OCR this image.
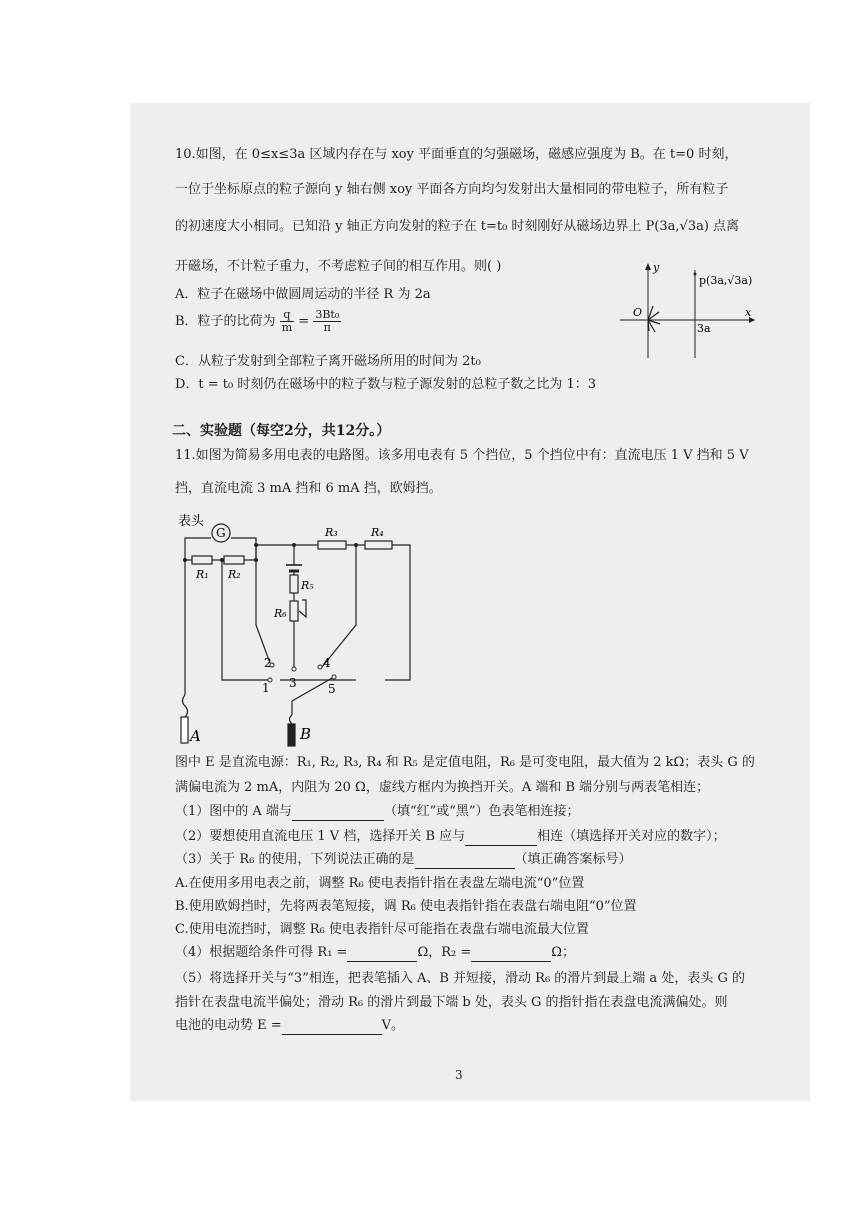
10.如图，在 0≤x≤3a 区域内存在与 xoy 平面垂直的匀强磁场，磁感应强度为 B。在 t=0 时刻，
一位于坐标原点的粒子源向 y 轴右侧 xoy 平面各方向均匀发射出大量相同的带电粒子，所有粒子
的初速度大小相同。已知沿 y 轴正方向发射的粒子在 t=t₀ 时刻刚好从磁场边界上 P(3a,√3a) 点离
开磁场，不计粒子重力，不考虑粒子间的相互作用。则( )
A．粒子在磁场中做圆周运动的半径 R 为 2a
B．粒子的比荷为 $\frac{q}{m} = \frac{\text{3Bt₀}}{\pi}$
C．从粒子发射到全部粒子离开磁场所用的时间为 2t₀
D．t = t₀ 时刻仍在磁场中的粒子数与粒子源发射的总粒子数之比为 1：3
y
x
O
p(3a,√3a)
3a
二、实验题（每空2分，共12分。）
11.如图为简易多用电表的电路图。该多用电表有 5 个挡位，5 个挡位中有：直流电压 1 V 挡和 5 V
挡，直流电流 3 mA 挡和 6 mA 挡，欧姆挡。
G
表头
2
3
4
1	5
R₁ R₂
R₃	R₄
R₅
R₆
A	B
图中 E 是直流电源：R₁, R₂, R₃, R₄ 和 R₅ 是定值电阻，R₆ 是可变电阻，最大值为 2 kΩ；表头 G 的
满偏电流为 2 mA，内阻为 20 Ω，虚线方框内为换挡开关。A 端和 B 端分别与两表笔相连；
（1）图中的 A 端与	（填“红”或“黑”）色表笔相连接；
（2）要想使用直流电压 1 V 档，选择开关 B 应与	相连（填选择开关对应的数字）；
（3）关于 R₆ 的使用，下列说法正确的是	（填正确答案标号）
A.在使用多用电表之前，调整 R₆ 使电表指针指在表盘左端电流“0”位置
B.使用欧姆挡时，先将两表笔短接，调 R₆ 使电表指针指在表盘右端电阻“0”位置
C.使用电流挡时，调整 R₆ 使电表指针尽可能指在表盘右端电流最大位置
（4）根据题给条件可得 R₁ =	Ω，R₂ =	Ω；
（5）将选择开关与“3”相连，把表笔插入 A、B 并短接，滑动 R₆ 的滑片到最上端 a 处，表头 G 的
指针在表盘电流半偏处；滑动 R₆ 的滑片到最下端 b 处，表头 G 的指针指在表盘电流满偏处。则
电池的电动势 E =	V。
3
